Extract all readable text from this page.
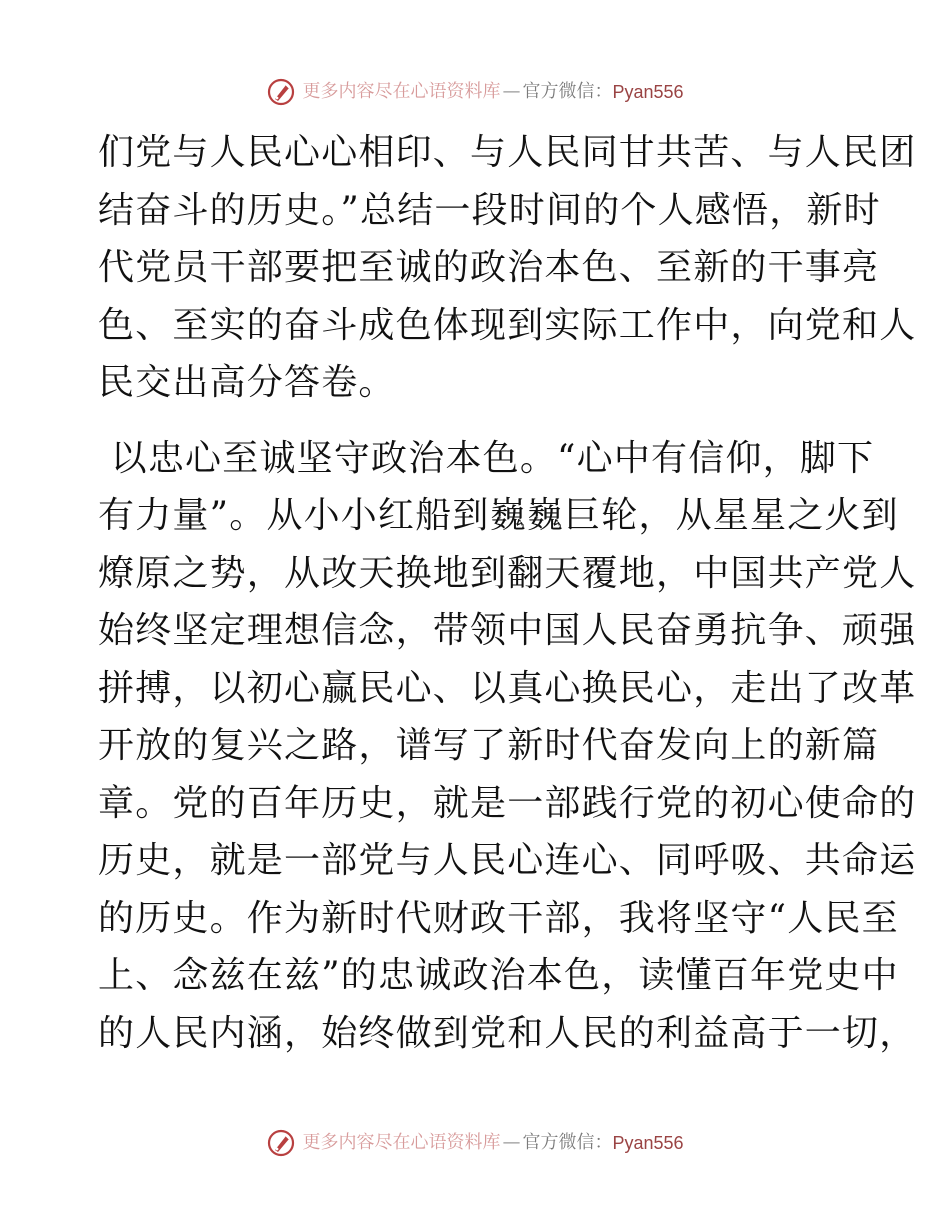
更多内容尽在心语资料库 — 官方微信： Pyan556

们党与人民心心相印、与人民同甘共苦、与人民团
结奋斗的历史。”总结一段时间的个人感悟，新时
代党员干部要把至诚的政治本色、至新的干事亮
色、至实的奋斗成色体现到实际工作中，向党和人
民交出高分答卷。

以忠心至诚坚守政治本色。“心中有信仰，脚下
有力量”。从小小红船到巍巍巨轮，从星星之火到
燎原之势，从改天换地到翻天覆地，中国共产党人
始终坚定理想信念，带领中国人民奋勇抗争、顽强
拼搏，以初心赢民心、以真心换民心，走出了改革
开放的复兴之路，谱写了新时代奋发向上的新篇
章。党的百年历史，就是一部践行党的初心使命的
历史，就是一部党与人民心连心、同呼吸、共命运
的历史。作为新时代财政干部，我将坚守“人民至
上、念兹在兹”的忠诚政治本色，读懂百年党史中
的人民内涵，始终做到党和人民的利益高于一切，

更多内容尽在心语资料库 — 官方微信： Pyan556
